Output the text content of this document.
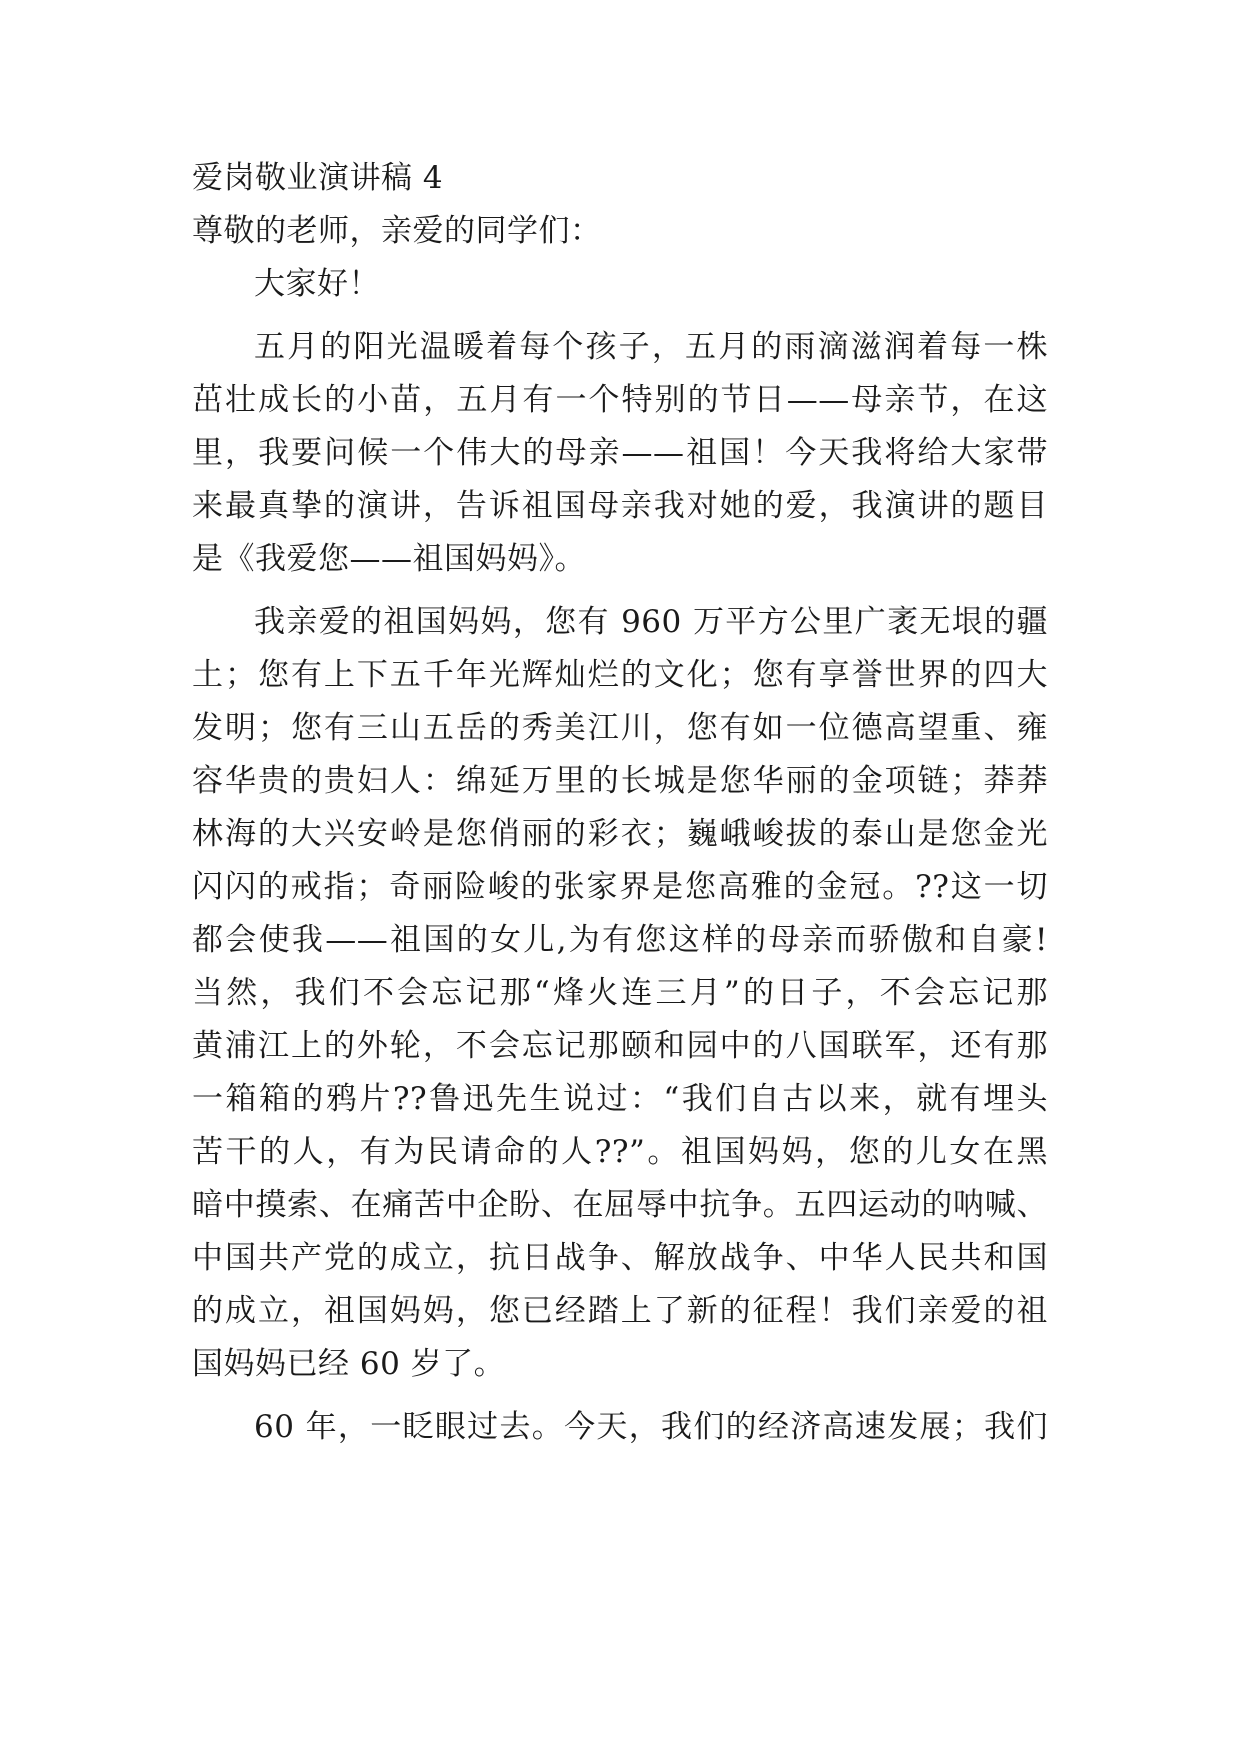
爱岗敬业演讲稿 4
尊敬的老师，亲爱的同学们：
大家好！
五月的阳光温暖着每个孩子，五月的雨滴滋润着每一株
茁壮成长的小苗，五月有一个特别的节日——母亲节，在这
里，我要问候一个伟大的母亲——祖国！今天我将给大家带
来最真挚的演讲，告诉祖国母亲我对她的爱，我演讲的题目
是《我爱您——祖国妈妈》。
我亲爱的祖国妈妈，您有 960 万平方公里广袤无垠的疆
土；您有上下五千年光辉灿烂的文化；您有享誉世界的四大
发明；您有三山五岳的秀美江川，您有如一位德高望重、雍
容华贵的贵妇人：绵延万里的长城是您华丽的金项链；莽莽
林海的大兴安岭是您俏丽的彩衣；巍峨峻拔的泰山是您金光
闪闪的戒指；奇丽险峻的张家界是您高雅的金冠。??这一切
都会使我——祖国的女儿,为有您这样的母亲而骄傲和自豪!
当然，我们不会忘记那“烽火连三月”的日子，不会忘记那
黄浦江上的外轮，不会忘记那颐和园中的八国联军，还有那
一箱箱的鸦片??鲁迅先生说过：“我们自古以来，就有埋头
苦干的人，有为民请命的人??”。祖国妈妈，您的儿女在黑
暗中摸索、在痛苦中企盼、在屈辱中抗争。五四运动的呐喊、
中国共产党的成立，抗日战争、解放战争、中华人民共和国
的成立，祖国妈妈，您已经踏上了新的征程！我们亲爱的祖
国妈妈已经 60 岁了。
60 年，一眨眼过去。今天，我们的经济高速发展；我们
